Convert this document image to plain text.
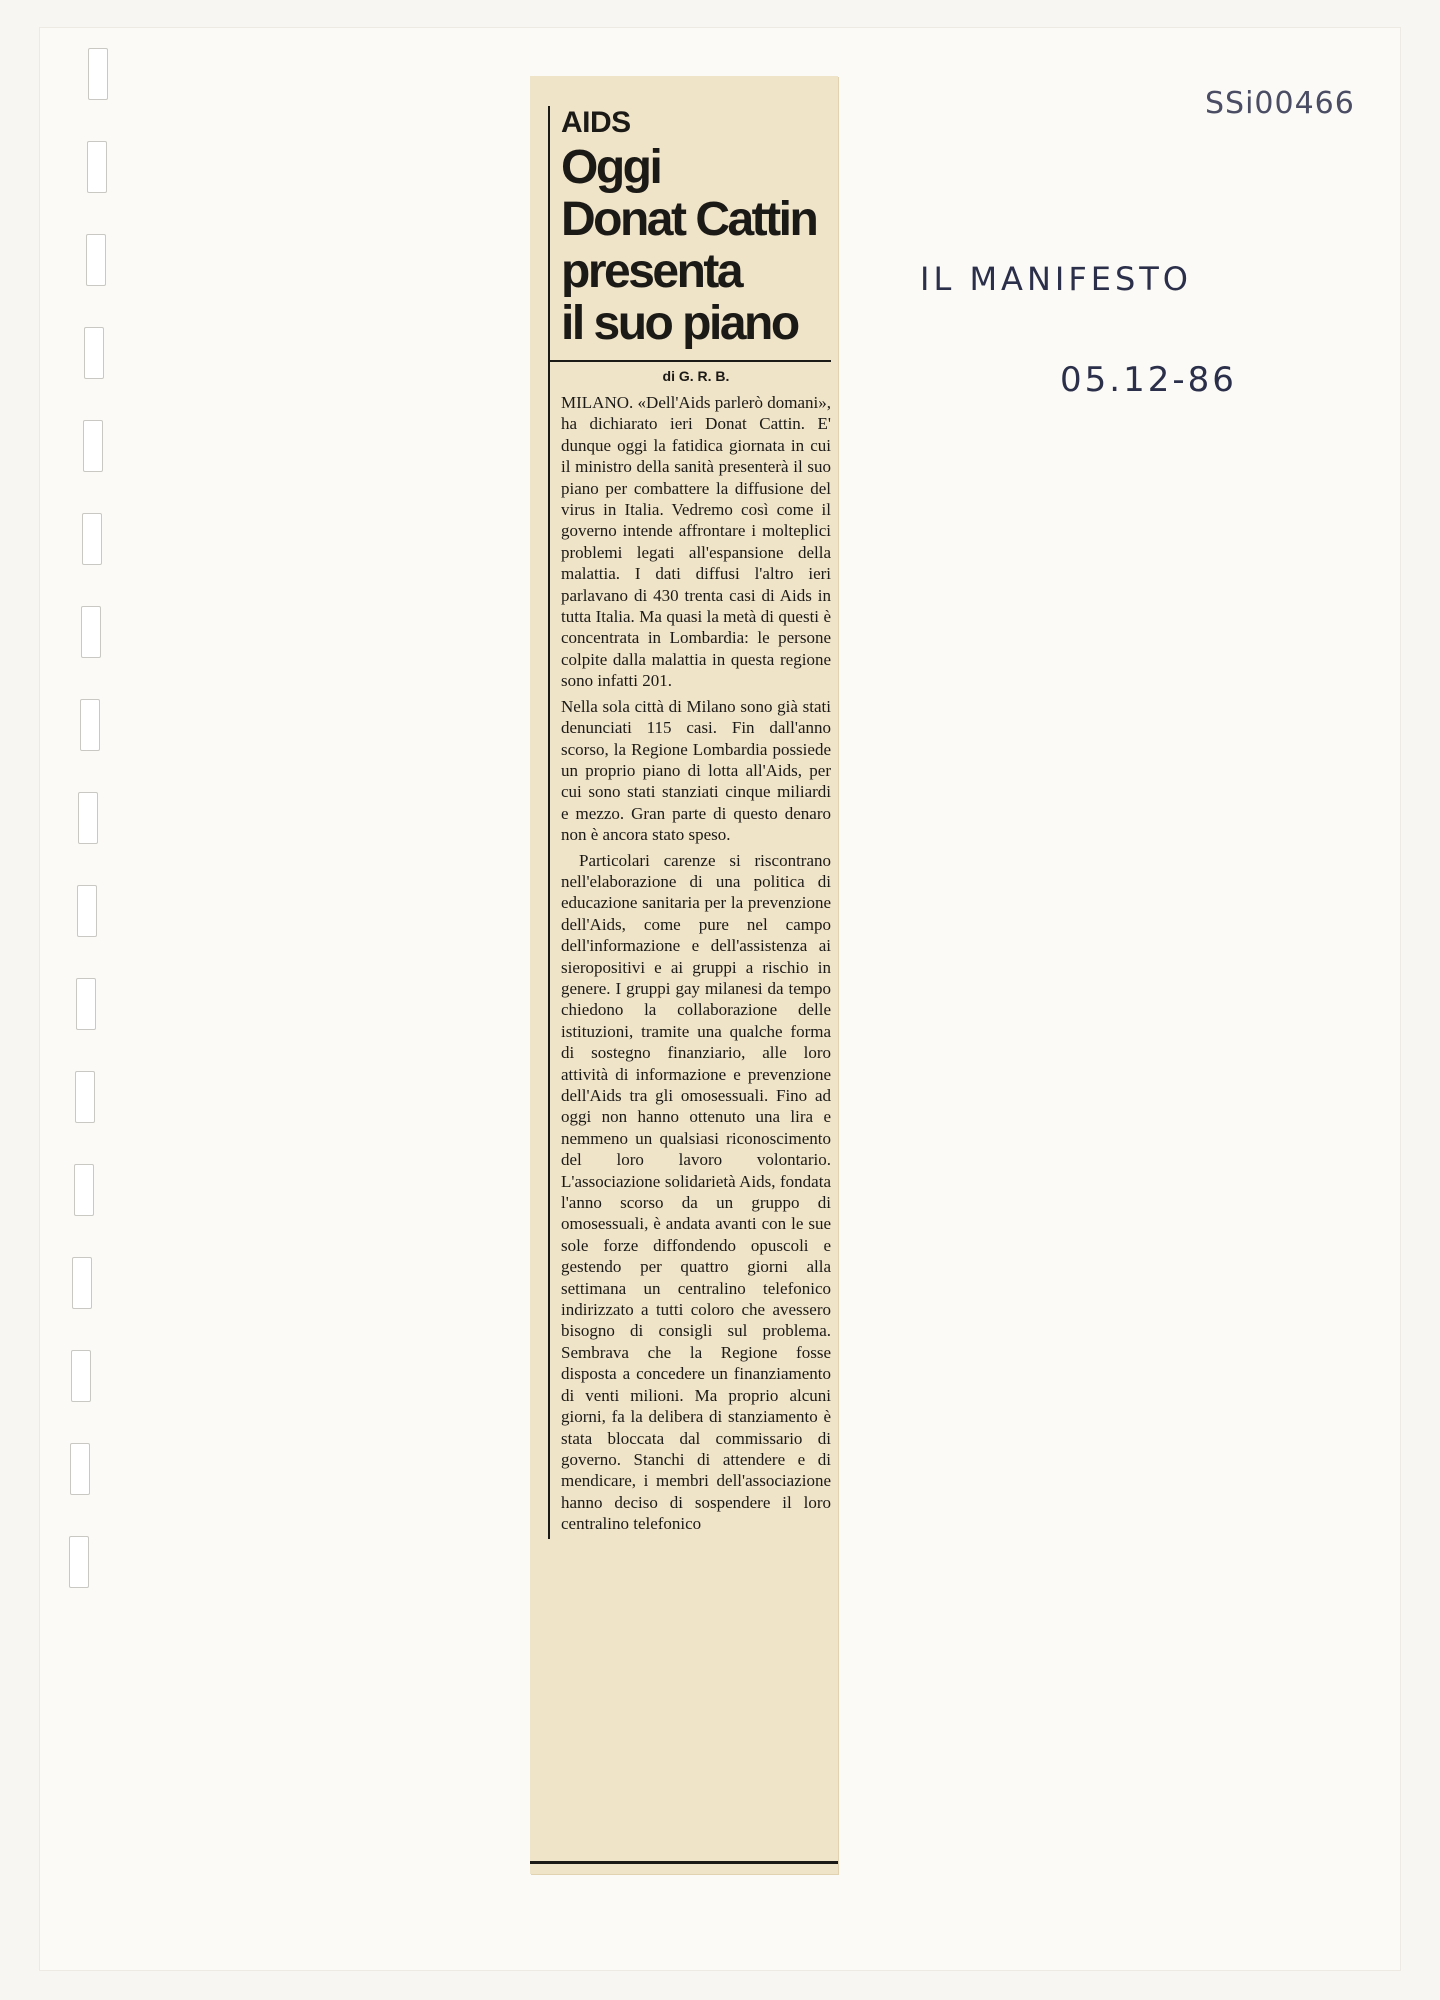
SSi00466
IL MANIFESTO
05.12-86
AIDS
Oggi
Donat Cattin
presenta
il suo piano
di G. R. B.

MILANO. «Dell'Aids parlerò domani», ha dichiarato ieri Donat Cattin. E' dunque oggi la fatidica giornata in cui il ministro della sanità presenterà il suo piano per combattere la diffusione del virus in Italia. Vedremo così come il governo intende affrontare i molteplici problemi legati all'espansione della malattia. I dati diffusi l'altro ieri parlavano di 430 trenta casi di Aids in tutta Italia. Ma quasi la metà di questi è concentrata in Lombardia: le persone colpite dalla malattia in questa regione sono infatti 201.

Nella sola città di Milano sono già stati denunciati 115 casi. Fin dall'anno scorso, la Regione Lombardia possiede un proprio piano di lotta all'Aids, per cui sono stati stanziati cinque miliardi e mezzo. Gran parte di questo denaro non è ancora stato speso.

Particolari carenze si riscontrano nell'elaborazione di una politica di educazione sanitaria per la prevenzione dell'Aids, come pure nel campo dell'informazione e dell'assistenza ai sieropositivi e ai gruppi a rischio in genere. I gruppi gay milanesi da tempo chiedono la collaborazione delle istituzioni, tramite una qualche forma di sostegno finanziario, alle loro attività di informazione e prevenzione dell'Aids tra gli omosessuali. Fino ad oggi non hanno ottenuto una lira e nemmeno un qualsiasi riconoscimento del loro lavoro volontario. L'associazione solidarietà Aids, fondata l'anno scorso da un gruppo di omosessuali, è andata avanti con le sue sole forze diffondendo opuscoli e gestendo per quattro giorni alla settimana un centralino telefonico indirizzato a tutti coloro che avessero bisogno di consigli sul problema. Sembrava che la Regione fosse disposta a concedere un finanziamento di venti milioni. Ma proprio alcuni giorni, fa la delibera di stanziamento è stata bloccata dal commissario di governo. Stanchi di attendere e di mendicare, i membri dell'associazione hanno deciso di sospendere il loro centralino telefonico
